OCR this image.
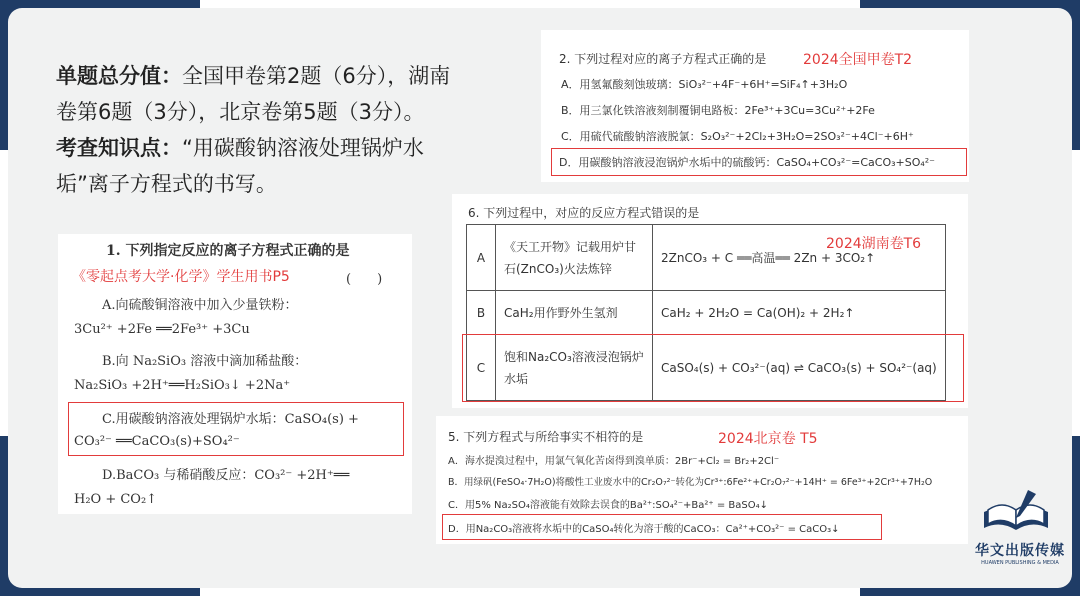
单题总分值：全国甲卷第2题（6分），湖南卷第6题（3分），北京卷第5题（3分）。
考查知识点：“用碳酸钠溶液处理锅炉水垢”离子方程式的书写。
2. 下列过程对应的离子方程式正确的是	2024全国甲卷T2
A．用氢氟酸刻蚀玻璃：SiO₃²⁻+4F⁻+6H⁺=SiF₄↑+3H₂O
B．用三氯化铁溶液刻制覆铜电路板：2Fe³⁺+3Cu=3Cu²⁺+2Fe
C．用硫代硫酸钠溶液脱氯：S₂O₃²⁻+2Cl₂+3H₂O=2SO₃²⁻+4Cl⁻+6H⁺
D．用碳酸钠溶液浸泡锅炉水垢中的硫酸钙：CaSO₄+CO₃²⁻=CaCO₃+SO₄²⁻
1. 下列指定反应的离子方程式正确的是
《零起点考大学·化学》学生用书P5	(　　)
A.向硫酸铜溶液中加入少量铁粉：
3Cu²⁺ +2Fe ══2Fe³⁺ +3Cu
B.向 Na₂SiO₃ 溶液中滴加稀盐酸：
Na₂SiO₃ +2H⁺══H₂SiO₃↓ +2Na⁺
C.用碳酸钠溶液处理锅炉水垢：CaSO₄(s) +
CO₃²⁻ ══CaCO₃(s)+SO₄²⁻
D.BaCO₃ 与稀硝酸反应：CO₃²⁻ +2H⁺══
H₂O + CO₂↑
6. 下列过程中，对应的反应方程式错误的是
2024湖南卷T6
A	《天工开物》记载用炉甘石(ZnCO₃)火法炼锌	2ZnCO₃ + C ══高温══ 2Zn + 3CO₂↑
B	CaH₂用作野外生氢剂	CaH₂ + 2H₂O = Ca(OH)₂ + 2H₂↑
C	饱和Na₂CO₃溶液浸泡锅炉水垢	CaSO₄(s) + CO₃²⁻(aq) ⇌ CaCO₃(s) + SO₄²⁻(aq)
5. 下列方程式与所给事实不相符的是	2024北京卷 T5
A．海水提溴过程中，用氯气氧化苦卤得到溴单质：2Br⁻+Cl₂ = Br₂+2Cl⁻
B．用绿矾(FeSO₄·7H₂O)将酸性工业废水中的Cr₂O₇²⁻转化为Cr³⁺:6Fe²⁺+Cr₂O₇²⁻+14H⁺ = 6Fe³⁺+2Cr³⁺+7H₂O
C．用5% Na₂SO₄溶液能有效除去误食的Ba²⁺:SO₄²⁻+Ba²⁺ = BaSO₄↓
D．用Na₂CO₃溶液将水垢中的CaSO₄转化为溶于酸的CaCO₃：Ca²⁺+CO₃²⁻ = CaCO₃↓
华文出版传媒
HUAWEN PUBLISHING & MEDIA
